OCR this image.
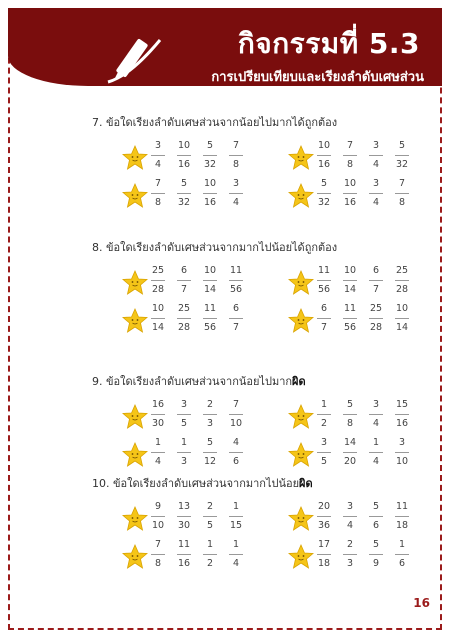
กิจกรรมที่ 5.3
การเปรียบเทียบและเรียงลำดับเศษส่วน
7. ข้อใดเรียงลำดับเศษส่วนจากน้อยไปมากได้ถูกต้อง
$\frac{3}{4} \frac{10}{16} \frac{5}{32} \frac{7}{8}$	$\frac{10}{16} \frac{7}{8} \frac{3}{4} \frac{5}{32}$
$\frac{7}{8} \frac{5}{32} \frac{10}{16} \frac{3}{4}$	$\frac{5}{32} \frac{10}{16} \frac{3}{4} \frac{7}{8}$
8. ข้อใดเรียงลำดับเศษส่วนจากมากไปน้อยได้ถูกต้อง
$\frac{25}{28} \frac{6}{7} \frac{10}{14} \frac{11}{56}$	$\frac{11}{56} \frac{10}{14} \frac{6}{7} \frac{25}{28}$
$\frac{10}{14} \frac{25}{28} \frac{11}{56} \frac{6}{7}$	$\frac{6}{7} \frac{11}{56} \frac{25}{28} \frac{10}{14}$
9. ข้อใดเรียงลำดับเศษส่วนจากน้อยไปมากผิด
$\frac{16}{30} \frac{3}{5} \frac{2}{3} \frac{7}{10}$	$\frac{1}{2} \frac{5}{8} \frac{3}{4} \frac{15}{16}$
$\frac{1}{4} \frac{1}{3} \frac{5}{12} \frac{4}{6}$	$\frac{3}{5} \frac{14}{20} \frac{1}{4} \frac{3}{10}$
10. ข้อใดเรียงลำดับเศษส่วนจากมากไปน้อยผิด
$\frac{9}{10} \frac{13}{30} \frac{2}{5} \frac{1}{15}$	$\frac{20}{36} \frac{3}{4} \frac{5}{6} \frac{11}{18}$
$\frac{7}{8} \frac{11}{16} \frac{1}{2} \frac{1}{4}$	$\frac{17}{18} \frac{2}{3} \frac{5}{9} \frac{1}{6}$
16
